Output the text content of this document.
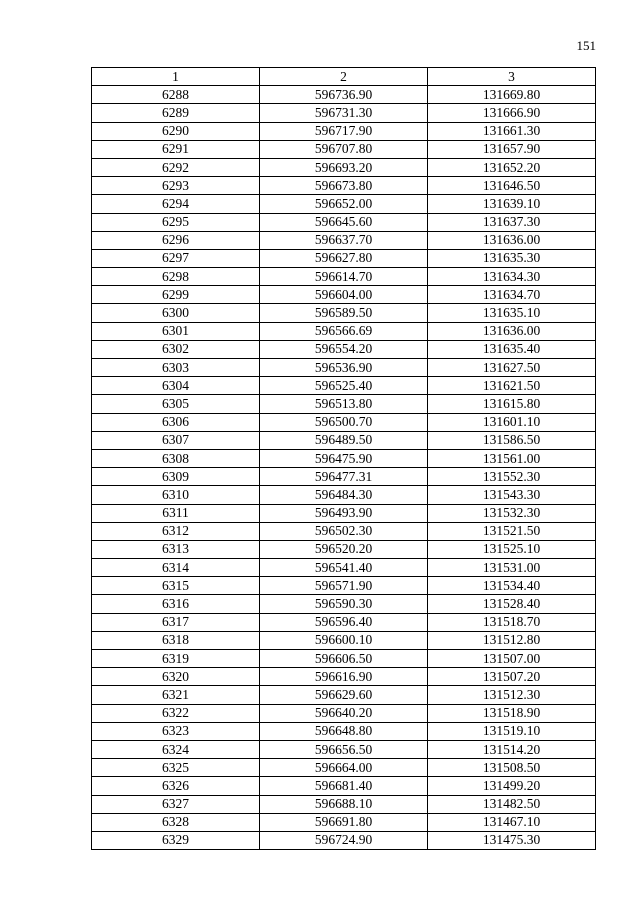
151
1	2	3
6288	596736.90	131669.80
6289	596731.30	131666.90
6290	596717.90	131661.30
6291	596707.80	131657.90
6292	596693.20	131652.20
6293	596673.80	131646.50
6294	596652.00	131639.10
6295	596645.60	131637.30
6296	596637.70	131636.00
6297	596627.80	131635.30
6298	596614.70	131634.30
6299	596604.00	131634.70
6300	596589.50	131635.10
6301	596566.69	131636.00
6302	596554.20	131635.40
6303	596536.90	131627.50
6304	596525.40	131621.50
6305	596513.80	131615.80
6306	596500.70	131601.10
6307	596489.50	131586.50
6308	596475.90	131561.00
6309	596477.31	131552.30
6310	596484.30	131543.30
6311	596493.90	131532.30
6312	596502.30	131521.50
6313	596520.20	131525.10
6314	596541.40	131531.00
6315	596571.90	131534.40
6316	596590.30	131528.40
6317	596596.40	131518.70
6318	596600.10	131512.80
6319	596606.50	131507.00
6320	596616.90	131507.20
6321	596629.60	131512.30
6322	596640.20	131518.90
6323	596648.80	131519.10
6324	596656.50	131514.20
6325	596664.00	131508.50
6326	596681.40	131499.20
6327	596688.10	131482.50
6328	596691.80	131467.10
6329	596724.90	131475.30
